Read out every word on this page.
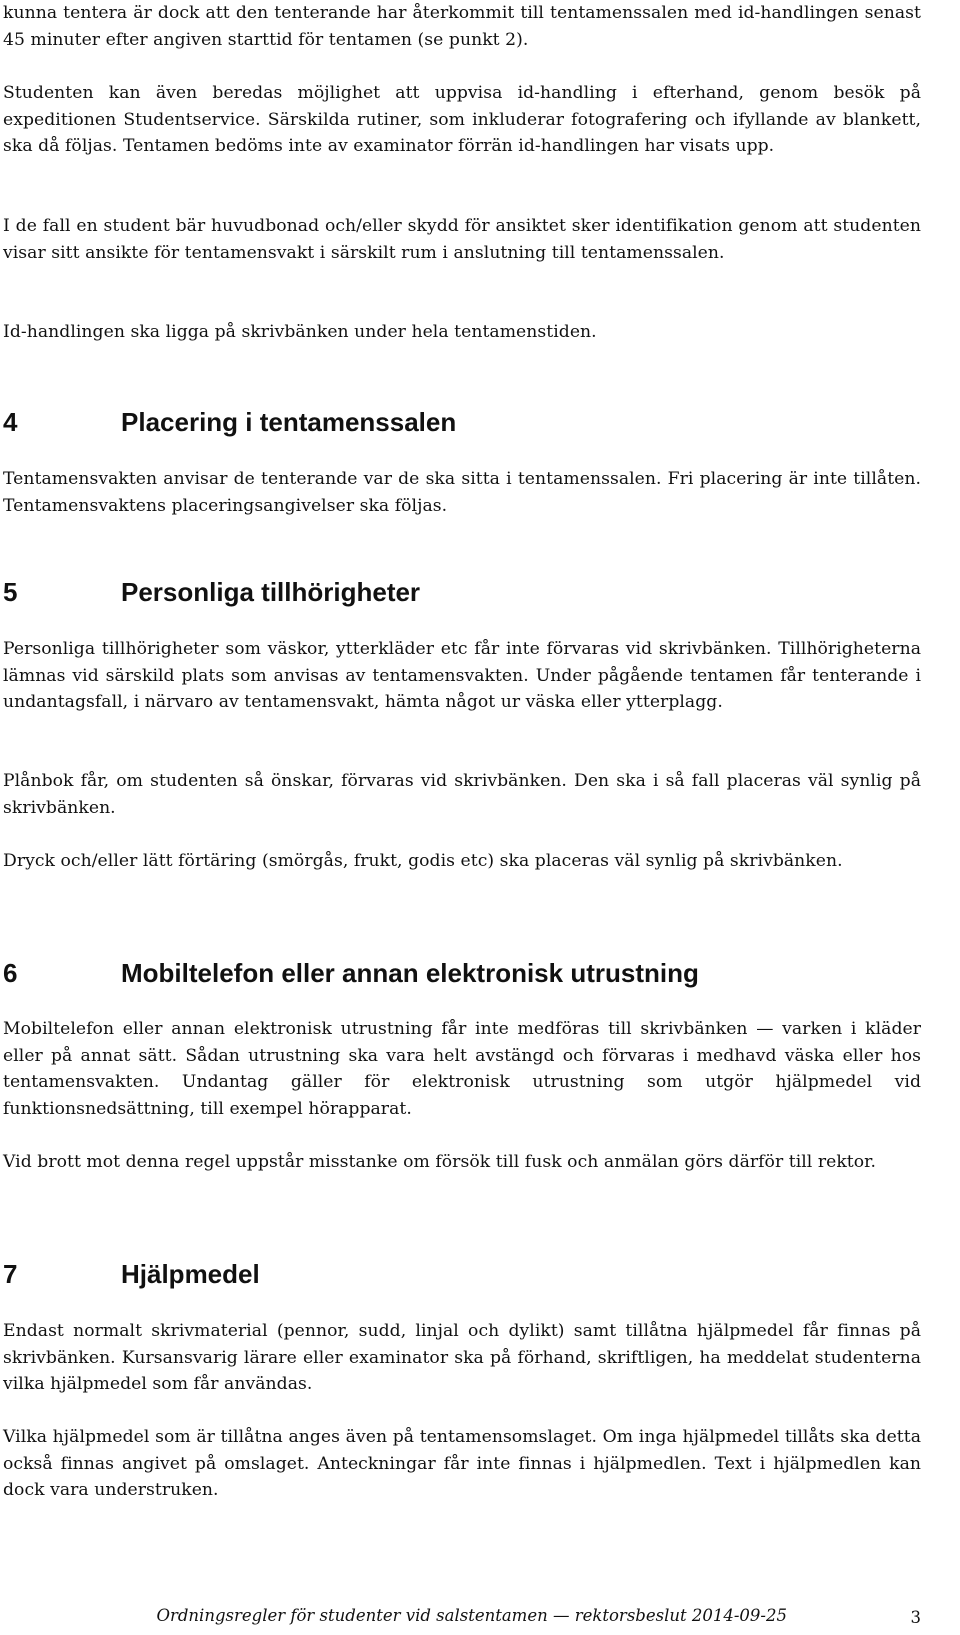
kunna tentera är dock att den tenterande har återkommit till tentamenssalen med id-handlingen senast 45 minuter efter angiven starttid för tentamen (se punkt 2).

Studenten kan även beredas möjlighet att uppvisa id-handling i efterhand, genom besök på expeditionen Studentservice. Särskilda rutiner, som inkluderar fotografering och ifyllande av blankett, ska då följas. Tentamen bedöms inte av examinator förrän id-handlingen har visats upp.

I de fall en student bär huvudbonad och/eller skydd för ansiktet sker identifikation genom att studenten visar sitt ansikte för tentamensvakt i särskilt rum i anslutning till tentamenssalen.

Id-handlingen ska ligga på skrivbänken under hela tentamenstiden.

4	Placering i tentamenssalen

Tentamensvakten anvisar de tenterande var de ska sitta i tentamenssalen. Fri placering är inte tillåten. Tentamensvaktens placeringsangivelser ska följas.

5	Personliga tillhörigheter

Personliga tillhörigheter som väskor, ytterkläder etc får inte förvaras vid skrivbänken. Tillhörigheterna lämnas vid särskild plats som anvisas av tentamensvakten. Under pågående tentamen får tenterande i undantagsfall, i närvaro av tentamensvakt, hämta något ur väska eller ytterplagg.

Plånbok får, om studenten så önskar, förvaras vid skrivbänken. Den ska i så fall placeras väl synlig på skrivbänken.

Dryck och/eller lätt förtäring (smörgås, frukt, godis etc) ska placeras väl synlig på skrivbänken.

6	Mobiltelefon eller annan elektronisk utrustning

Mobiltelefon eller annan elektronisk utrustning får inte medföras till skrivbänken — varken i kläder eller på annat sätt. Sådan utrustning ska vara helt avstängd och förvaras i medhavd väska eller hos tentamensvakten. Undantag gäller för elektronisk utrustning som utgör hjälpmedel vid funktionsnedsättning, till exempel hörapparat.

Vid brott mot denna regel uppstår misstanke om försök till fusk och anmälan görs därför till rektor.

7	Hjälpmedel

Endast normalt skrivmaterial (pennor, sudd, linjal och dylikt) samt tillåtna hjälpmedel får finnas på skrivbänken. Kursansvarig lärare eller examinator ska på förhand, skriftligen, ha meddelat studenterna vilka hjälpmedel som får användas.

Vilka hjälpmedel som är tillåtna anges även på tentamensomslaget. Om inga hjälpmedel tillåts ska detta också finnas angivet på omslaget. Anteckningar får inte finnas i hjälpmedlen. Text i hjälpmedlen kan dock vara understruken.

Ordningsregler för studenter vid salstentamen — rektorsbeslut 2014-09-25	3
